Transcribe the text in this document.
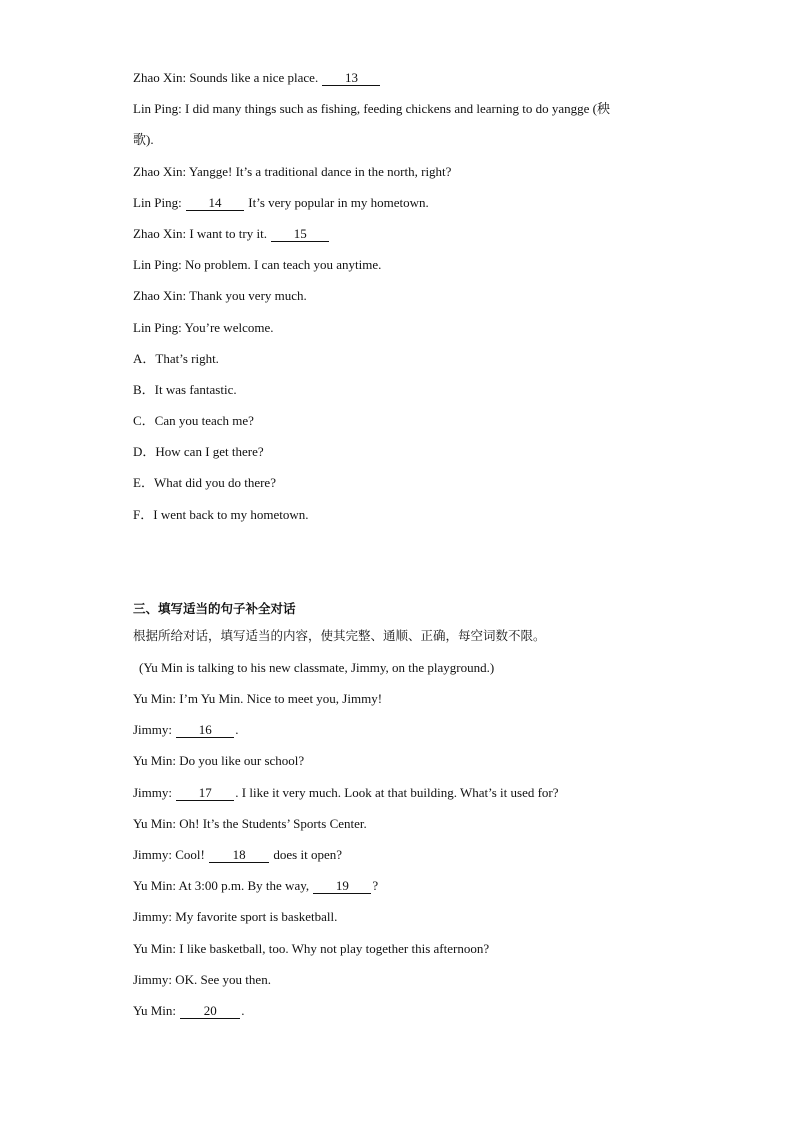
Zhao Xin: Sounds like a nice place. 13
Lin Ping: I did many things such as fishing, feeding chickens and learning to do yangge (秧
歌).
Zhao Xin: Yangge! It’s a traditional dance in the north, right?
Lin Ping: 14 It’s very popular in my hometown.
Zhao Xin: I want to try it. 15
Lin Ping: No problem. I can teach you anytime.
Zhao Xin: Thank you very much.
Lin Ping: You’re welcome.
A．That’s right.
B．It was fantastic.
C．Can you teach me?
D．How can I get there?
E．What did you do there?
F．I went back to my hometown.
三、填写适当的句子补全对话
根据所给对话，填写适当的内容，使其完整、通顺、正确，每空词数不限。
(Yu Min is talking to his new classmate, Jimmy, on the playground.)
Yu Min: I’m Yu Min. Nice to meet you, Jimmy!
Jimmy: 16 .
Yu Min: Do you like our school?
Jimmy: 17 . I like it very much. Look at that building. What’s it used for?
Yu Min: Oh! It’s the Students’ Sports Center.
Jimmy: Cool! 18 does it open?
Yu Min: At 3:00 p.m. By the way, 19 ?
Jimmy: My favorite sport is basketball.
Yu Min: I like basketball, too. Why not play together this afternoon?
Jimmy: OK. See you then.
Yu Min: 20 .
